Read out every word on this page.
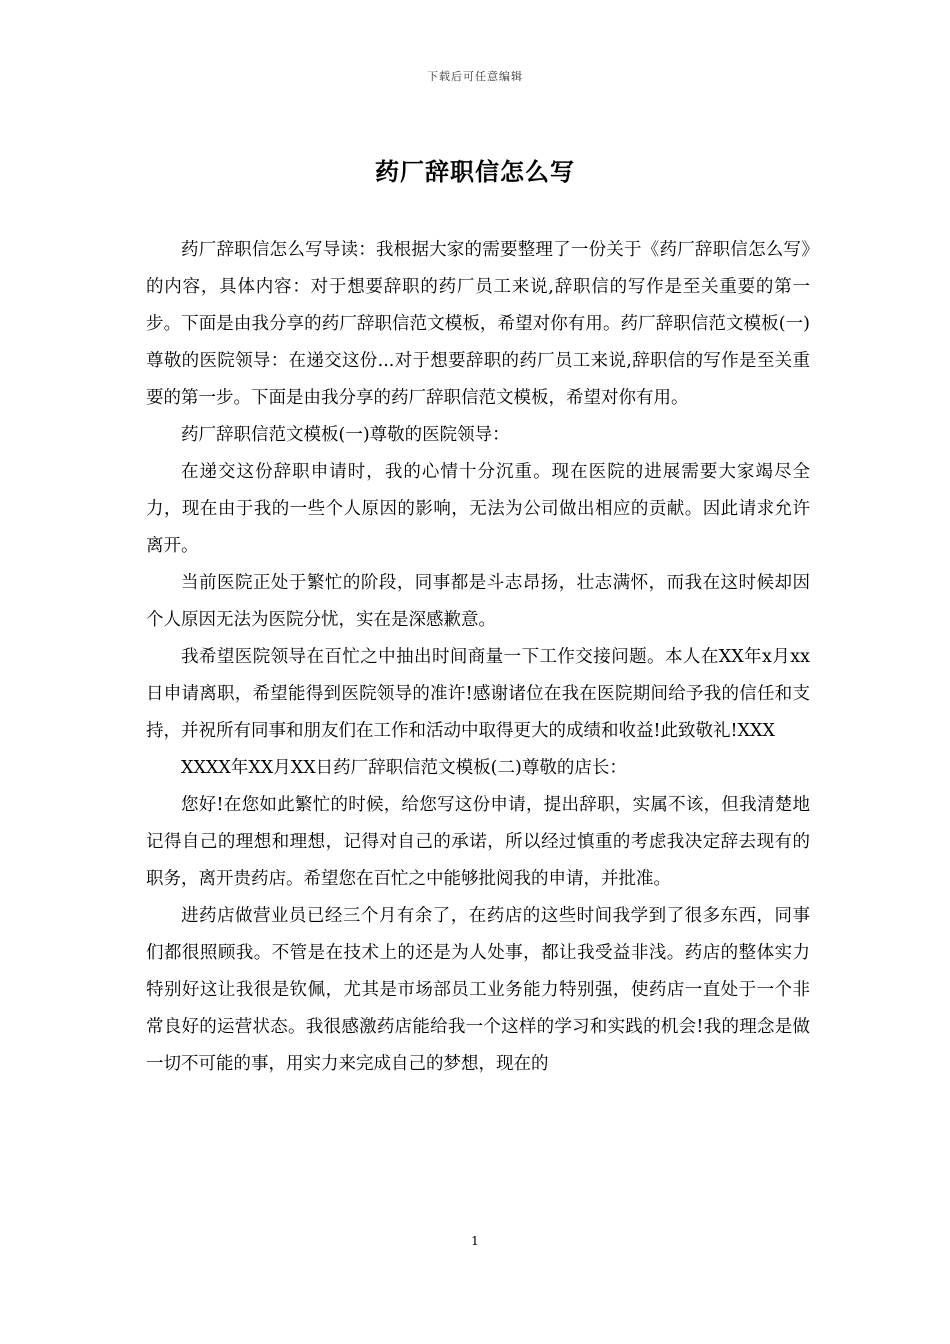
下载后可任意编辑
药厂辞职信怎么写

药厂辞职信怎么写导读：我根据大家的需要整理了一份关于《药厂辞职信怎么写》的内容，具体内容：对于想要辞职的药厂员工来说,辞职信的写作是至关重要的第一步。下面是由我分享的药厂辞职信范文模板，希望对你有用。药厂辞职信范文模板(一)尊敬的医院领导：在递交这份...对于想要辞职的药厂员工来说,辞职信的写作是至关重要的第一步。下面是由我分享的药厂辞职信范文模板，希望对你有用。

药厂辞职信范文模板(一)尊敬的医院领导：

在递交这份辞职申请时，我的心情十分沉重。现在医院的进展需要大家竭尽全力，现在由于我的一些个人原因的影响，无法为公司做出相应的贡献。因此请求允许离开。

当前医院正处于繁忙的阶段，同事都是斗志昂扬，壮志满怀，而我在这时候却因个人原因无法为医院分忧，实在是深感歉意。

我希望医院领导在百忙之中抽出时间商量一下工作交接问题。本人在XX年x月xx日申请离职，希望能得到医院领导的准许!感谢诸位在我在医院期间给予我的信任和支持，并祝所有同事和朋友们在工作和活动中取得更大的成绩和收益!此致敬礼!XXX

XXXX年XX月XX日药厂辞职信范文模板(二)尊敬的店长：

您好!在您如此繁忙的时候，给您写这份申请，提出辞职，实属不该，但我清楚地记得自己的理想和理想，记得对自己的承诺，所以经过慎重的考虑我决定辞去现有的职务，离开贵药店。希望您在百忙之中能够批阅我的申请，并批准。

进药店做营业员已经三个月有余了，在药店的这些时间我学到了很多东西，同事们都很照顾我。不管是在技术上的还是为人处事，都让我受益非浅。药店的整体实力特别好这让我很是钦佩，尤其是市场部员工业务能力特别强，使药店一直处于一个非常良好的运营状态。我很感激药店能给我一个这样的学习和实践的机会!我的理念是做一切不可能的事，用实力来完成自己的梦想，现在的

1
